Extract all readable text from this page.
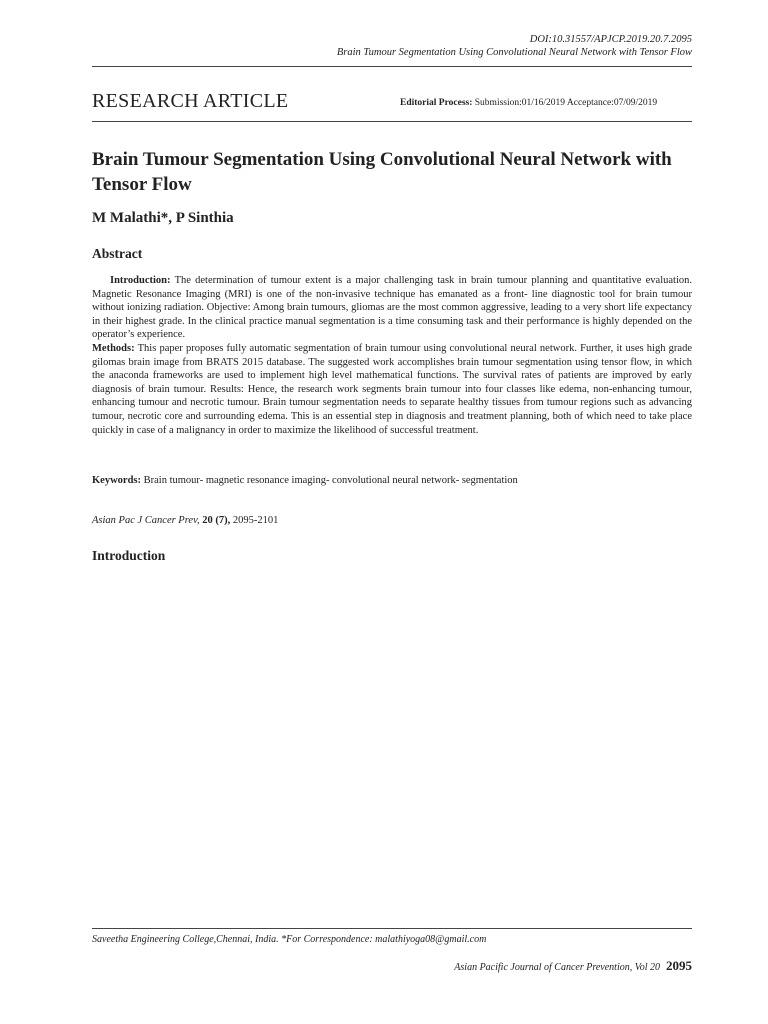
DOI:10.31557/APJCP.2019.20.7.2095
Brain Tumour Segmentation Using Convolutional Neural Network with Tensor Flow
RESEARCH ARTICLE	Editorial Process: Submission:01/16/2019 Acceptance:07/09/2019
Brain Tumour Segmentation Using Convolutional Neural Network with Tensor Flow
M Malathi*, P Sinthia
Abstract
Introduction: The determination of tumour extent is a major challenging task in brain tumour planning and quantitative evaluation. Magnetic Resonance Imaging (MRI) is one of the non-invasive technique has emanated as a front- line diagnostic tool for brain tumour without ionizing radiation. Objective: Among brain tumours, gliomas are the most common aggressive, leading to a very short life expectancy in their highest grade. In the clinical practice manual segmentation is a time consuming task and their performance is highly depended on the operator’s experience.
Methods: This paper proposes fully automatic segmentation of brain tumour using convolutional neural network. Further, it uses high grade gilomas brain image from BRATS 2015 database. The suggested work accomplishes brain tumour segmentation using tensor flow, in which the anaconda frameworks are used to implement high level mathematical functions. The survival rates of patients are improved by early diagnosis of brain tumour. Results: Hence, the research work segments brain tumour into four classes like edema, non-enhancing tumour, enhancing tumour and necrotic tumour. Brain tumour segmentation needs to separate healthy tissues from tumour regions such as advancing tumour, necrotic core and surrounding edema. This is an essential step in diagnosis and treatment planning, both of which need to take place quickly in case of a malignancy in order to maximize the likelihood of successful treatment.
Keywords: Brain tumour- magnetic resonance imaging- convolutional neural network- segmentation
Asian Pac J Cancer Prev, 20 (7), 2095-2101
Introduction
Saveetha Engineering College,Chennai, India. *For Correspondence: malathiyoga08@gmail.com
Asian Pacific Journal of Cancer Prevention, Vol 20 2095
